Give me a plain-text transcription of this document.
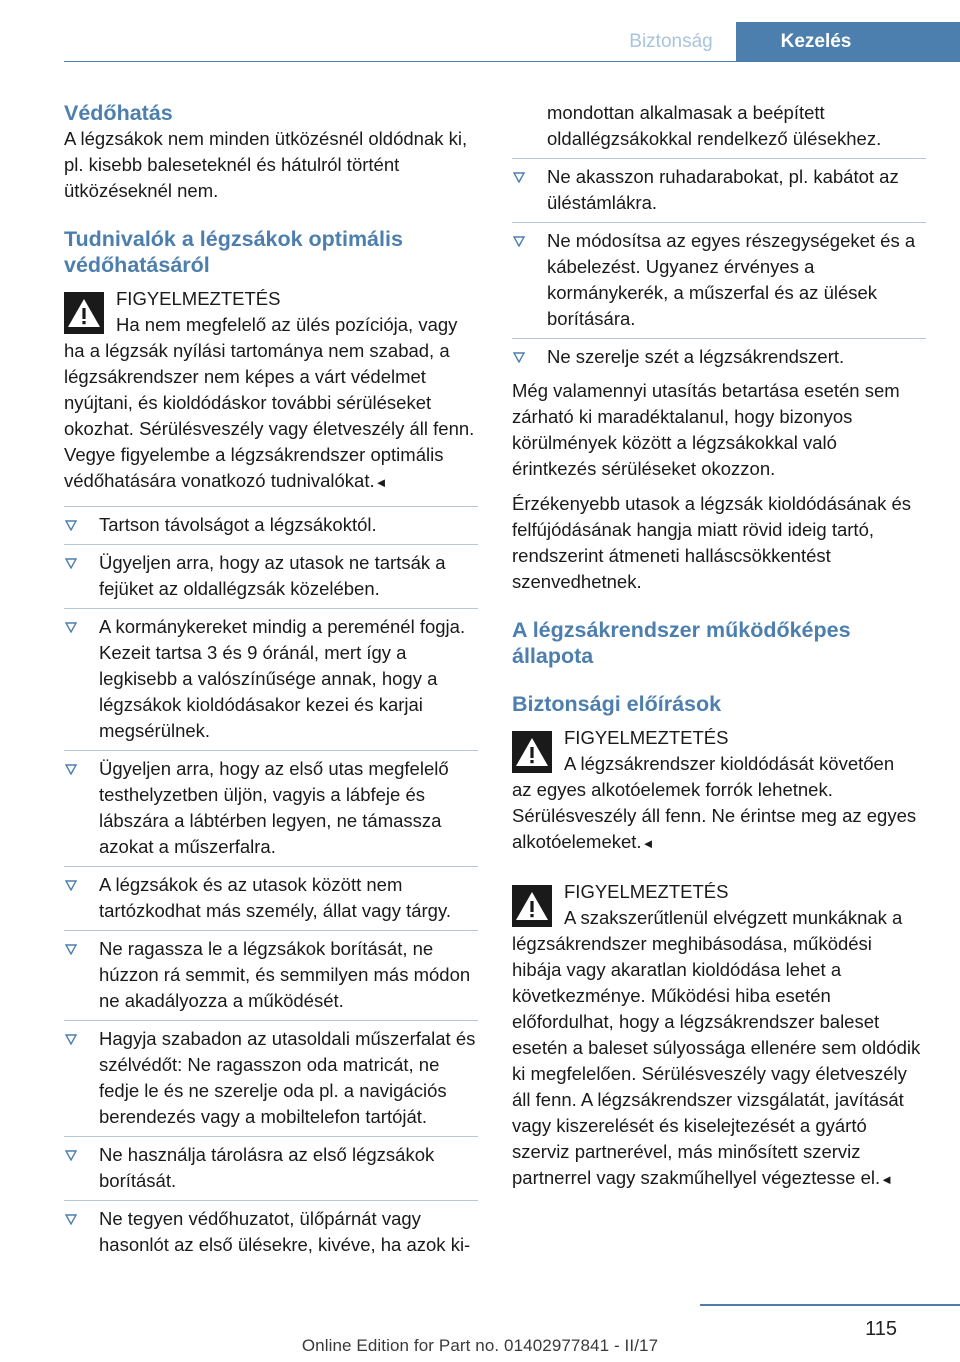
Biztonság	Kezelés
Védőhatás

A légzsákok nem minden ütközésnél oldódnak ki, pl. kisebb baleseteknél és hátulról történt ütközéseknél nem.

Tudnivalók a légzsákok optimális védőhatásáról
FIGYELMEZTETÉS
Ha nem megfelelő az ülés pozíciója, vagy

ha a légzsák nyílási tartománya nem szabad, a légzsákrendszer nem képes a várt védelmet nyújtani, és kioldódáskor további sérüléseket okozhat. Sérülésveszély vagy életveszély áll fenn. Vegye figyelembe a légzsákrendszer optimális védőhatására vonatkozó tudnivalókat.◄

Tartson távolságot a légzsákoktól.
Ügyeljen arra, hogy az utasok ne tartsák a fejüket az oldallégzsák közelében.
A kormánykereket mindig a pereménél fogja. Kezeit tartsa 3 és 9 óránál, mert így a legkisebb a valószínűsége annak, hogy a légzsákok kioldódásakor kezei és karjai megsérülnek.
Ügyeljen arra, hogy az első utas megfelelő testhelyzetben üljön, vagyis a lábfeje és lábszára a lábtérben legyen, ne támassza azokat a műszerfalra.
A légzsákok és az utasok között nem tartózkodhat más személy, állat vagy tárgy.
Ne ragassza le a légzsákok borítását, ne húzzon rá semmit, és semmilyen más módon ne akadályozza a működését.
Hagyja szabadon az utasoldali műszerfalat és szélvédőt: Ne ragasszon oda matricát, ne fedje le és ne szerelje oda pl. a navigációs berendezés vagy a mobiltelefon tartóját.
Ne használja tárolásra az első légzsákok borítását.
Ne tegyen védőhuzatot, ülőpárnát vagy hasonlót az első ülésekre, kivéve, ha azok ki-
mondottan alkalmasak a beépített oldallégzsákokkal rendelkező ülésekhez.
Ne akasszon ruhadarabokat, pl. kabátot az üléstámlákra.
Ne módosítsa az egyes részegységeket és a kábelezést. Ugyanez érvényes a kormánykerék, a műszerfal és az ülések borítására.
Ne szerelje szét a légzsákrendszert.

Még valamennyi utasítás betartása esetén sem zárható ki maradéktalanul, hogy bizonyos körülmények között a légzsákokkal való érintkezés sérüléseket okozzon.

Érzékenyebb utasok a légzsák kioldódásának és felfújódásának hangja miatt rövid ideig tartó, rendszerint átmeneti halláscsökkentést szenvedhetnek.

A légzsákrendszer működőképes állapota
Biztonsági előírások
FIGYELMEZTETÉS
A légzsákrendszer kioldódását követően

az egyes alkotóelemek forrók lehetnek. Sérülésveszély áll fenn. Ne érintse meg az egyes alkotóelemeket.◄

FIGYELMEZTETÉS
A szakszerűtlenül elvégzett munkáknak a

légzsákrendszer meghibásodása, működési hibája vagy akaratlan kioldódása lehet a következménye. Működési hiba esetén előfordulhat, hogy a légzsákrendszer baleset esetén a baleset súlyossága ellenére sem oldódik ki megfelelően. Sérülésveszély vagy életveszély áll fenn. A légzsákrendszer vizsgálatát, javítását vagy kiszerelését és kiselejtezését a gyártó szerviz partnerével, más minősített szerviz partnerrel vagy szakműhellyel végeztesse el.◄

115
Online Edition for Part no. 01402977841 - II/17
